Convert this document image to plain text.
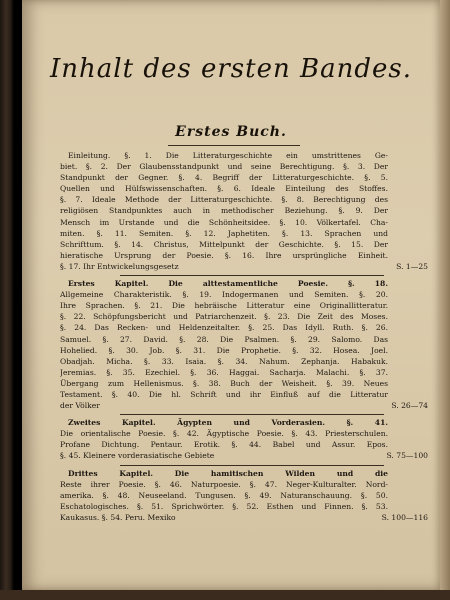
Inhalt des ersten Bandes.
Erstes Buch.
Einleitung. §. 1. Die Litteraturgeschichte ein umstrittenes Ge-
biet. §. 2. Der Glaubensstandpunkt und seine Berechtigung. §. 3. Der
Standpunkt der Gegner. §. 4. Begriff der Litteraturgeschichte. §. 5.
Quellen und Hülfswissenschaften. §. 6. Ideale Einteilung des Stoffes.
§. 7. Ideale Methode der Litteraturgeschichte. §. 8. Berechtigung des
religiösen Standpunktes auch in methodischer Beziehung. §. 9. Der
Mensch im Urstande und die Schönheitsidee. §. 10. Völkertafel. Cha-
miten. §. 11. Semiten. §. 12. Japhetiten. §. 13. Sprachen und
Schrifttum. §. 14. Christus, Mittelpunkt der Geschichte. §. 15. Der
hieratische Ursprung der Poesie. §. 16. Ihre ursprüngliche Einheit.
§. 17. Ihr Entwickelungsgesetz	S. 1—25
Erstes Kapitel. Die alttestamentliche Poesie. §. 18.
Allgemeine Charakteristik. §. 19. Indogermanen und Semiten. §. 20.
Ihre Sprachen. §. 21. Die hebräische Litteratur eine Originallitteratur.
§. 22. Schöpfungsbericht und Patriarchenzeit. §. 23. Die Zeit des Moses.
§. 24. Das Recken- und Heldenzeitalter. §. 25. Das Idyll. Ruth. §. 26.
Samuel. §. 27. David. §. 28. Die Psalmen. §. 29. Salomo. Das
Hohelied. §. 30. Job. §. 31. Die Prophetie. §. 32. Hosea. Joel.
Obadjah. Micha. §. 33. Isaia. §. 34. Nahum. Zephanja. Habakuk.
Jeremias. §. 35. Ezechiel. §. 36. Haggai. Sacharja. Malachi. §. 37.
Übergang zum Hellenismus. §. 38. Buch der Weisheit. §. 39. Neues
Testament. §. 40. Die hl. Schrift und ihr Einfluß auf die Litteratur
der Völker	S. 26—74
Zweites Kapitel. Ägypten und Vorderasien. §. 41.
Die orientalische Poesie. §. 42. Ägyptische Poesie. §. 43. Priesterschulen.
Profane Dichtung. Pentaur. Erotik. §. 44. Babel und Assur. Epos.
§. 45. Kleinere vorderasiatische Gebiete	S. 75—100
Drittes Kapitel. Die hamitischen Wilden und die
Reste ihrer Poesie. §. 46. Naturpoesie. §. 47. Neger-Kulturalter. Nord-
amerika. §. 48. Neuseeland. Tungusen. §. 49. Naturanschauung. §. 50.
Eschatologisches. §. 51. Sprichwörter. §. 52. Esthen und Finnen. §. 53.
Kaukasus. §. 54. Peru. Mexiko	S. 100—116
